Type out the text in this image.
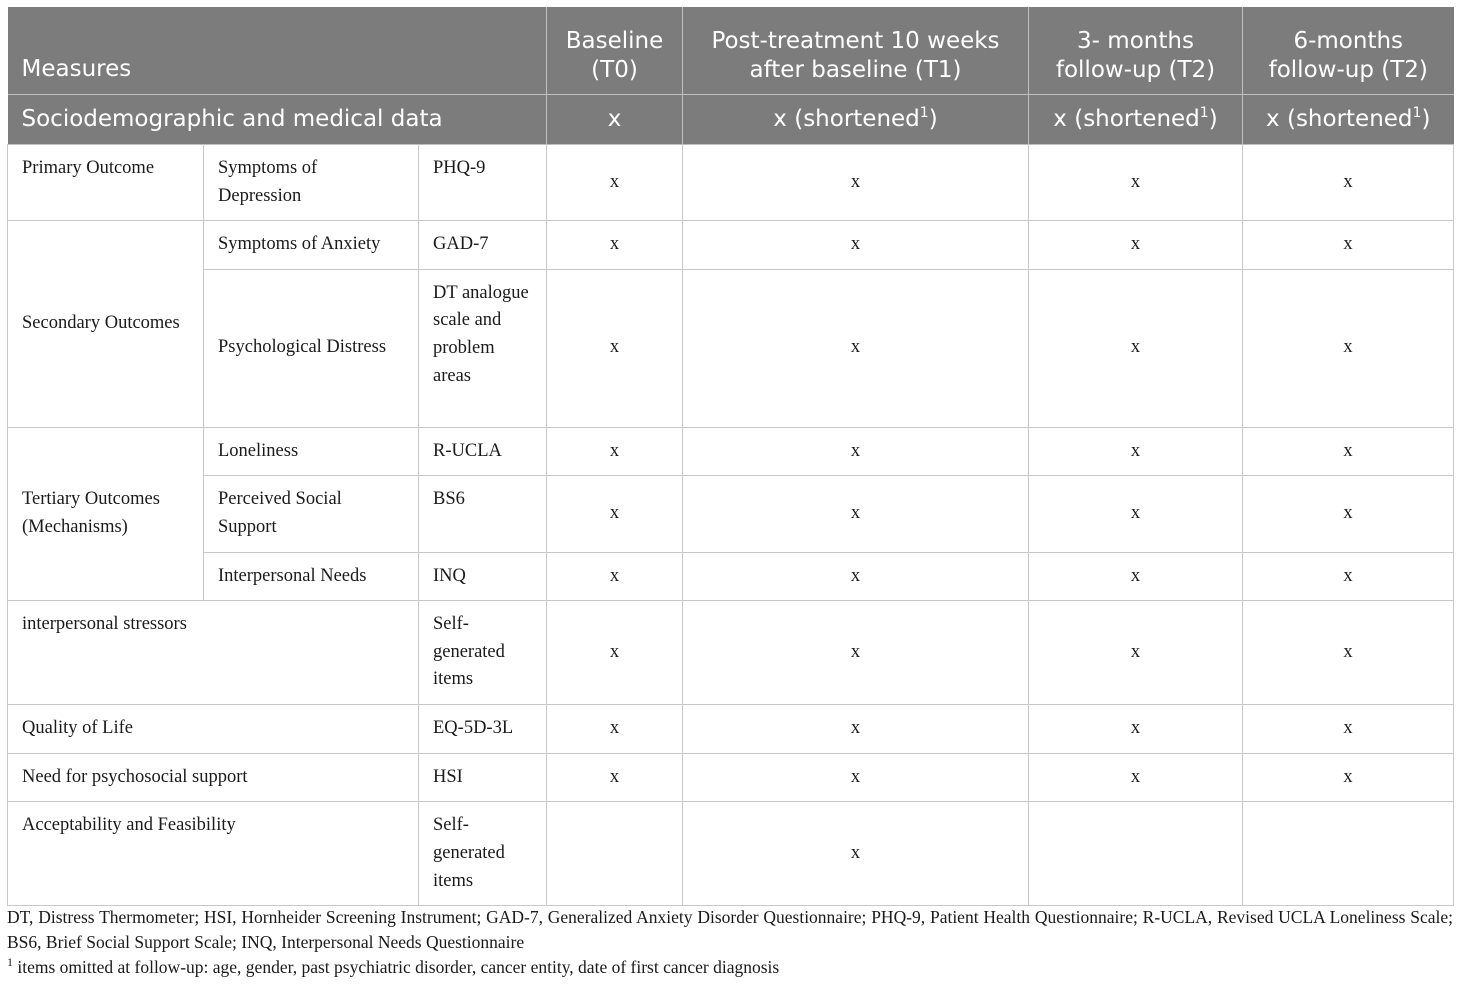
Measures			Baseline (T0)	Post-treatment 10 weeks after baseline (T1)	3- months follow-up (T2)	6-months follow-up (T2)
Sociodemographic and medical data			x	x (shortened$^1$)	x (shortened$^1$)	x (shortened$^1$)
Primary Outcome	Symptoms of Depression	PHQ-9	x	x	x	x
Secondary Outcomes	Symptoms of Anxiety	GAD-7	x	x	x	x
	Psychological Distress	DT analogue scale and problem areas	x	x	x	x
Tertiary Outcomes (Mechanisms)	Loneliness	R-UCLA	x	x	x	x
	Perceived Social Support	BS6	x	x	x	x
	Interpersonal Needs	INQ	x	x	x	x
interpersonal stressors		Self-generated items	x	x	x	x
Quality of Life		EQ-5D-3L	x	x	x	x
Need for psychosocial support		HSI	x	x	x	x
Acceptability and Feasibility		Self-generated items		x		

DT, Distress Thermometer; HSI, Hornheider Screening Instrument; GAD-7, Generalized Anxiety Disorder Questionnaire; PHQ-9, Patient Health Questionnaire; R-UCLA, Revised UCLA Loneliness Scale; BS6, Brief Social Support Scale; INQ, Interpersonal Needs Questionnaire

$^1$ items omitted at follow-up: age, gender, past psychiatric disorder, cancer entity, date of first cancer diagnosis
